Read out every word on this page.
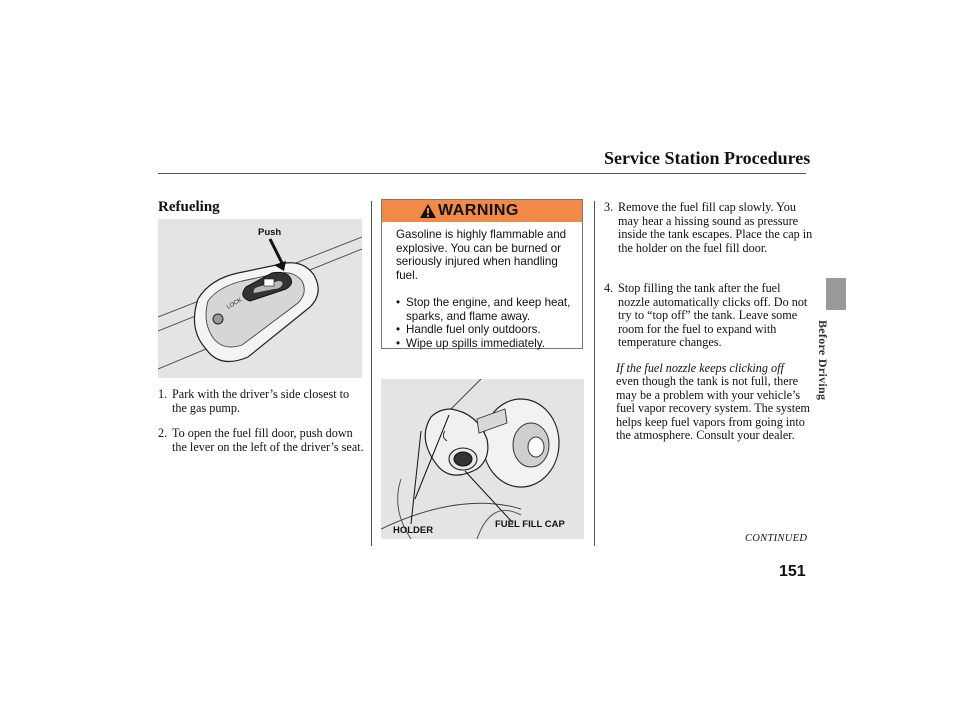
Service Station Procedures
Refueling
Before Driving
LOCK
Push
WARNING
Gasoline is highly flammable and explosive. You can be burned or seriously injured when handling fuel.
• Stop the engine, and keep heat, sparks, and flame away.
• Handle fuel only outdoors.
• Wipe up spills immediately.
HOLDER
FUEL FILL CAP
1. Park with the driver’s side closest to the gas pump.
2. To open the fuel fill door, push down the lever on the left of the driver’s seat.
3. Remove the fuel fill cap slowly. You may hear a hissing sound as pressure inside the tank escapes. Place the cap in the holder on the fuel fill door.
4. Stop filling the tank after the fuel nozzle automatically clicks off. Do not try to “top off” the tank. Leave some room for the fuel to expand with temperature changes.
If the fuel nozzle keeps clicking off
even though the tank is not full, there may be a problem with your vehicle’s fuel vapor recovery system. The system helps keep fuel vapors from going into the atmosphere. Consult your dealer.
CONTINUED
151
